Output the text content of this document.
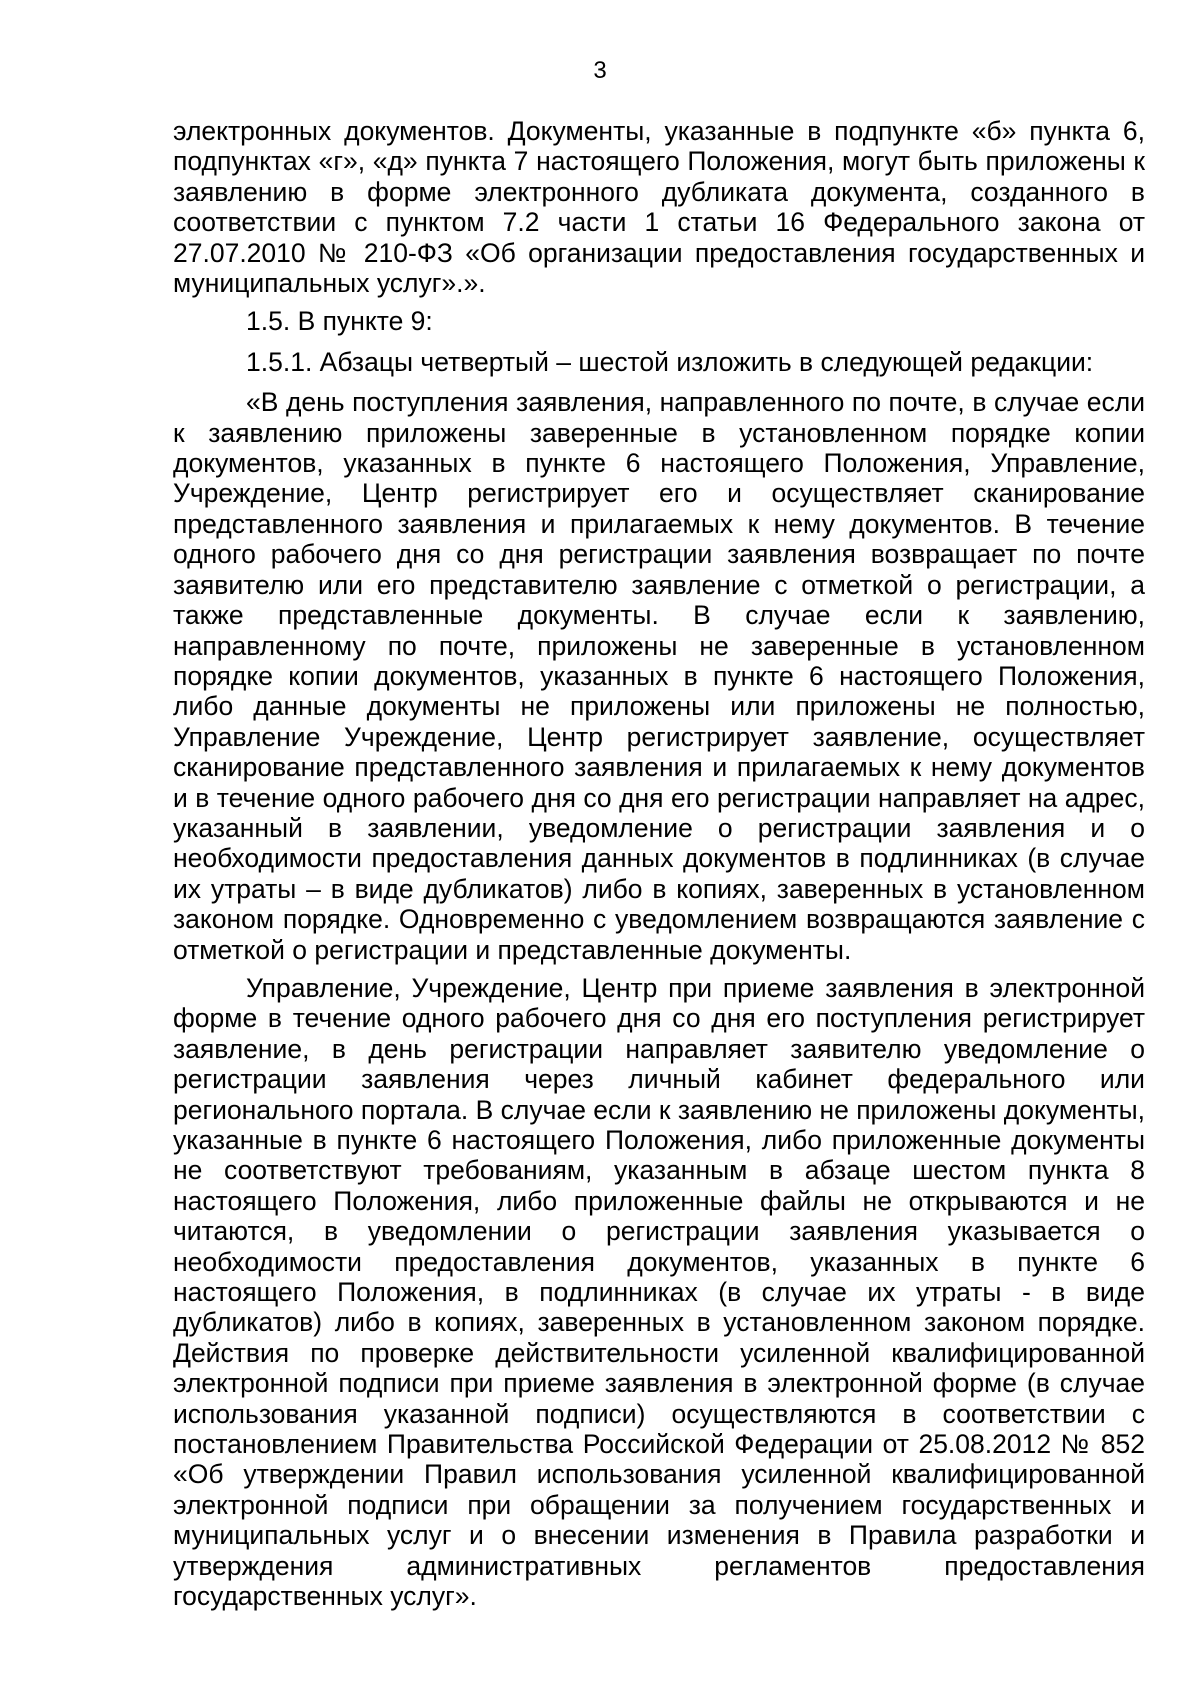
3

электронных документов. Документы, указанные в подпункте «б» пункта 6, подпунктах «г», «д» пункта 7 настоящего Положения, могут быть приложены к заявлению в форме электронного дубликата документа, созданного в соответствии с пунктом 7.2 части 1 статьи 16 Федерального закона от 27.07.2010 № 210-ФЗ «Об организации предоставления государственных и муниципальных услуг».».

1.5. В пункте 9:

1.5.1. Абзацы четвертый – шестой изложить в следующей редакции:

«В день поступления заявления, направленного по почте, в случае если к заявлению приложены заверенные в установленном порядке копии документов, указанных в пункте 6 настоящего Положения, Управление, Учреждение, Центр регистрирует его и осуществляет сканирование представленного заявления и прилагаемых к нему документов. В течение одного рабочего дня со дня регистрации заявления возвращает по почте заявителю или его представителю заявление с отметкой о регистрации, а также представленные документы. В случае если к заявлению, направленному по почте, приложены не заверенные в установленном порядке копии документов, указанных в пункте 6 настоящего Положения, либо данные документы не приложены или приложены не полностью, Управление Учреждение, Центр регистрирует заявление, осуществляет сканирование представленного заявления и прилагаемых к нему документов и в течение одного рабочего дня со дня его регистрации направляет на адрес, указанный в заявлении, уведомление о регистрации заявления и о необходимости предоставления данных документов в подлинниках (в случае их утраты – в виде дубликатов) либо в копиях, заверенных в установленном законом порядке. Одновременно с уведомлением возвращаются заявление с отметкой о регистрации и представленные документы.

Управление, Учреждение, Центр при приеме заявления в электронной форме в течение одного рабочего дня со дня его поступления регистрирует заявление, в день регистрации направляет заявителю уведомление о регистрации заявления через личный кабинет федерального или регионального портала. В случае если к заявлению не приложены документы, указанные в пункте 6 настоящего Положения, либо приложенные документы не соответствуют требованиям, указанным в абзаце шестом пункта 8 настоящего Положения, либо приложенные файлы не открываются и не читаются, в уведомлении о регистрации заявления указывается о необходимости предоставления документов, указанных в пункте 6 настоящего Положения, в подлинниках (в случае их утраты - в виде дубликатов) либо в копиях, заверенных в установленном законом порядке. Действия по проверке действительности усиленной квалифицированной электронной подписи при приеме заявления в электронной форме (в случае использования указанной подписи) осуществляются в соответствии с постановлением Правительства Российской Федерации от 25.08.2012 № 852 «Об утверждении Правил использования усиленной квалифицированной электронной подписи при обращении за получением государственных и муниципальных услуг и о внесении изменения в Правила разработки и утверждения административных регламентов предоставления государственных услуг».
